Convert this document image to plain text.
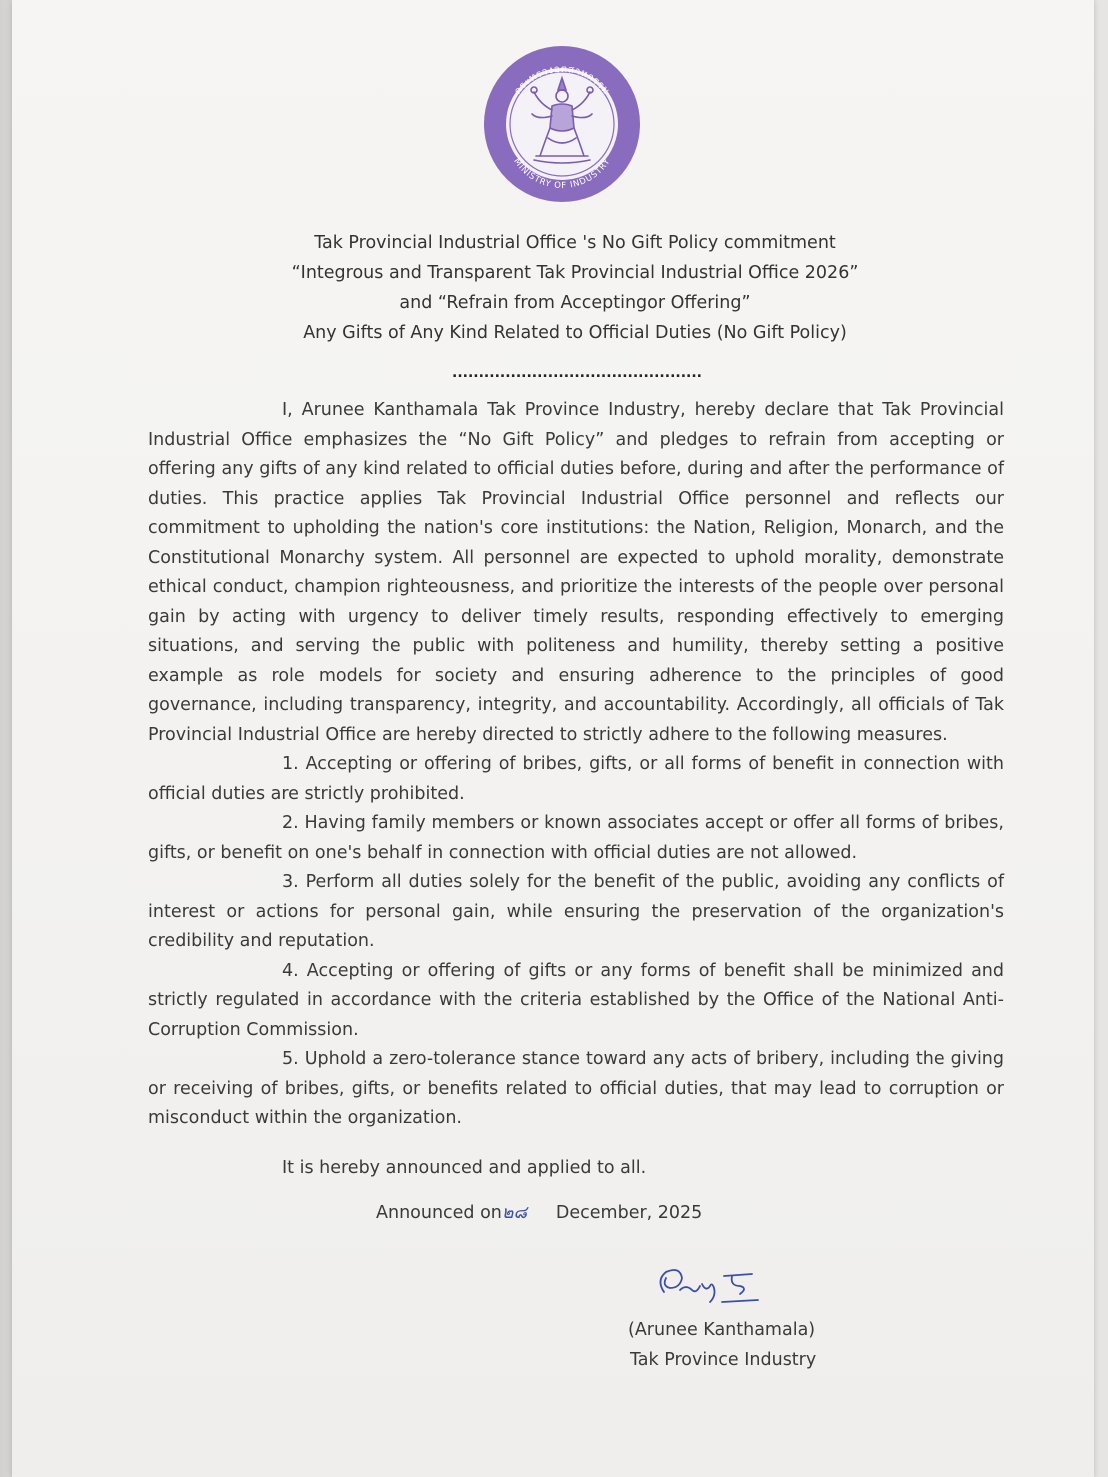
กระทรวงอุตสาหกรรม
MINISTRY OF INDUSTRY
Tak Provincial Industrial Office 's No Gift Policy commitment
“Integrous and Transparent Tak Provincial Industrial Office 2026”
and “Refrain from Acceptingor Offering”
Any Gifts of Any Kind Related to Official Duties (No Gift Policy)
...............................................

I, Arunee Kanthamala Tak Province Industry, hereby declare that Tak Provincial Industrial Office emphasizes the “No Gift Policy” and pledges to refrain from accepting or offering any gifts of any kind related to official duties before, during and after the performance of duties. This practice applies Tak Provincial Industrial Office personnel and reflects our commitment to upholding the nation's core institutions: the Nation, Religion, Monarch, and the Constitutional Monarchy system. All personnel are expected to uphold morality, demonstrate ethical conduct, champion righteousness, and prioritize the interests of the people over personal gain by acting with urgency to deliver timely results, responding effectively to emerging situations, and serving the public with politeness and humility, thereby setting a positive example as role models for society and ensuring adherence to the principles of good governance, including transparency, integrity, and accountability. Accordingly, all officials of Tak Provincial Industrial Office are hereby directed to strictly adhere to the following measures.

1. Accepting or offering of bribes, gifts, or all forms of benefit in connection with official duties are strictly prohibited.

2. Having family members or known associates accept or offer all forms of bribes, gifts, or benefit on one's behalf in connection with official duties are not allowed.

3. Perform all duties solely for the benefit of the public, avoiding any conflicts of interest or actions for personal gain, while ensuring the preservation of the organization's credibility and reputation.

4. Accepting or offering of gifts or any forms of benefit shall be minimized and strictly regulated in accordance with the criteria established by the Office of the National Anti-Corruption Commission.

5. Uphold a zero-tolerance stance toward any acts of bribery, including the giving or receiving of bribes, gifts, or benefits related to official duties, that may lead to corruption or misconduct within the organization.

It is hereby announced and applied to all.
Announced on๒๘ December, 2025
(Arunee Kanthamala)
Tak Province Industry
